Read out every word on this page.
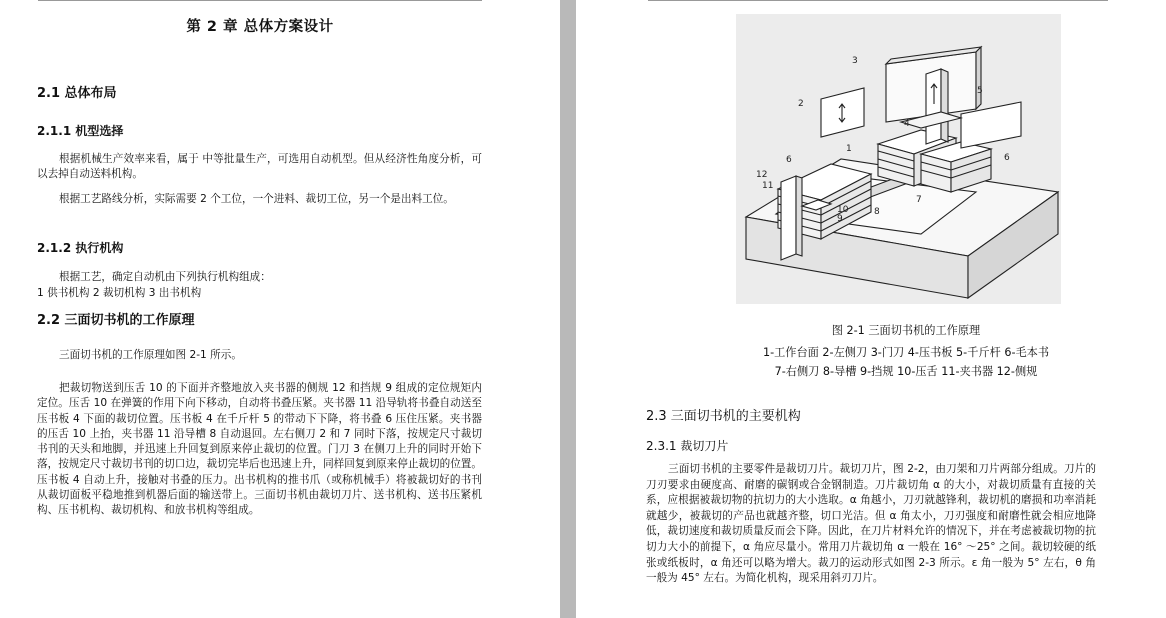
第 2 章 总体方案设计

2.1 总体布局

2.1.1 机型选择

根据机械生产效率来看，属于 中等批量生产，可选用自动机型。但从经济性角度分析，可以去掉自动送料机构。

根据工艺路线分析，实际需要 2 个工位，一个进料、裁切工位，另一个是出料工位。

2.1.2 执行机构

根据工艺，确定自动机由下列执行机构组成：

1 供书机构 2 裁切机构 3 出书机构

2.2 三面切书机的工作原理

三面切书机的工作原理如图 2-1 所示。

把裁切物送到压舌 10 的下面并齐整地放入夹书器的侧规 12 和挡规 9 组成的定位规矩内定位。压舌 10 在弹簧的作用下向下移动，自动将书叠压紧。夹书器 11 沿导轨将书叠自动送至压书板 4 下面的裁切位置。压书板 4 在千斤杆 5 的带动下下降，将书叠 6 压住压紧。夹书器的压舌 10 上抬，夹书器 11 沿导槽 8 自动退回。左右侧刀 2 和 7 同时下落，按规定尺寸裁切书刊的天头和地脚，并迅速上升回复到原来停止裁切的位置。门刀 3 在侧刀上升的同时开始下落，按规定尺寸裁切书刊的切口边，裁切完毕后也迅速上升，同样回复到原来停止裁切的位置。压书板 4 自动上升，接触对书叠的压力。出书机构的推书爪（或称机械手）将被裁切好的书刊从裁切面板平稳地推到机器后面的输送带上。三面切书机由裁切刀片、送书机构、送书压紧机构、压书机构、裁切机构、和放书机构等组成。

1
2
3
4
5
6	6
7
8
9
10
11
12

图 2-1 三面切书机的工作原理

1-工作台面 2-左侧刀 3-门刀 4-压书板 5-千斤杆 6-毛本书

7-右侧刀 8-导槽 9-挡规 10-压舌 11-夹书器 12-侧规

2.3 三面切书机的主要机构

2.3.1 裁切刀片

三面切书机的主要零件是裁切刀片。裁切刀片，图 2-2，由刀架和刀片两部分组成。刀片的刀刃要求由硬度高、耐磨的碳钢或合金钢制造。刀片裁切角 α 的大小，对裁切质量有直接的关系，应根据被裁切物的抗切力的大小选取。α 角越小，刀刃就越锋利，裁切机的磨损和功率消耗就越少，被裁切的产品也就越齐整，切口光洁。但 α 角太小，刀刃强度和耐磨性就会相应地降低，裁切速度和裁切质量反而会下降。因此，在刀片材料允许的情况下，并在考虑被裁切物的抗切力大小的前提下，α 角应尽量小。常用刀片裁切角 α 一般在 16° ～25° 之间。裁切较硬的纸张或纸板时，α 角还可以略为增大。裁刀的运动形式如图 2-3 所示。ε 角一般为 5° 左右，θ 角一般为 45° 左右。为简化机构，现采用斜刃刀片。
